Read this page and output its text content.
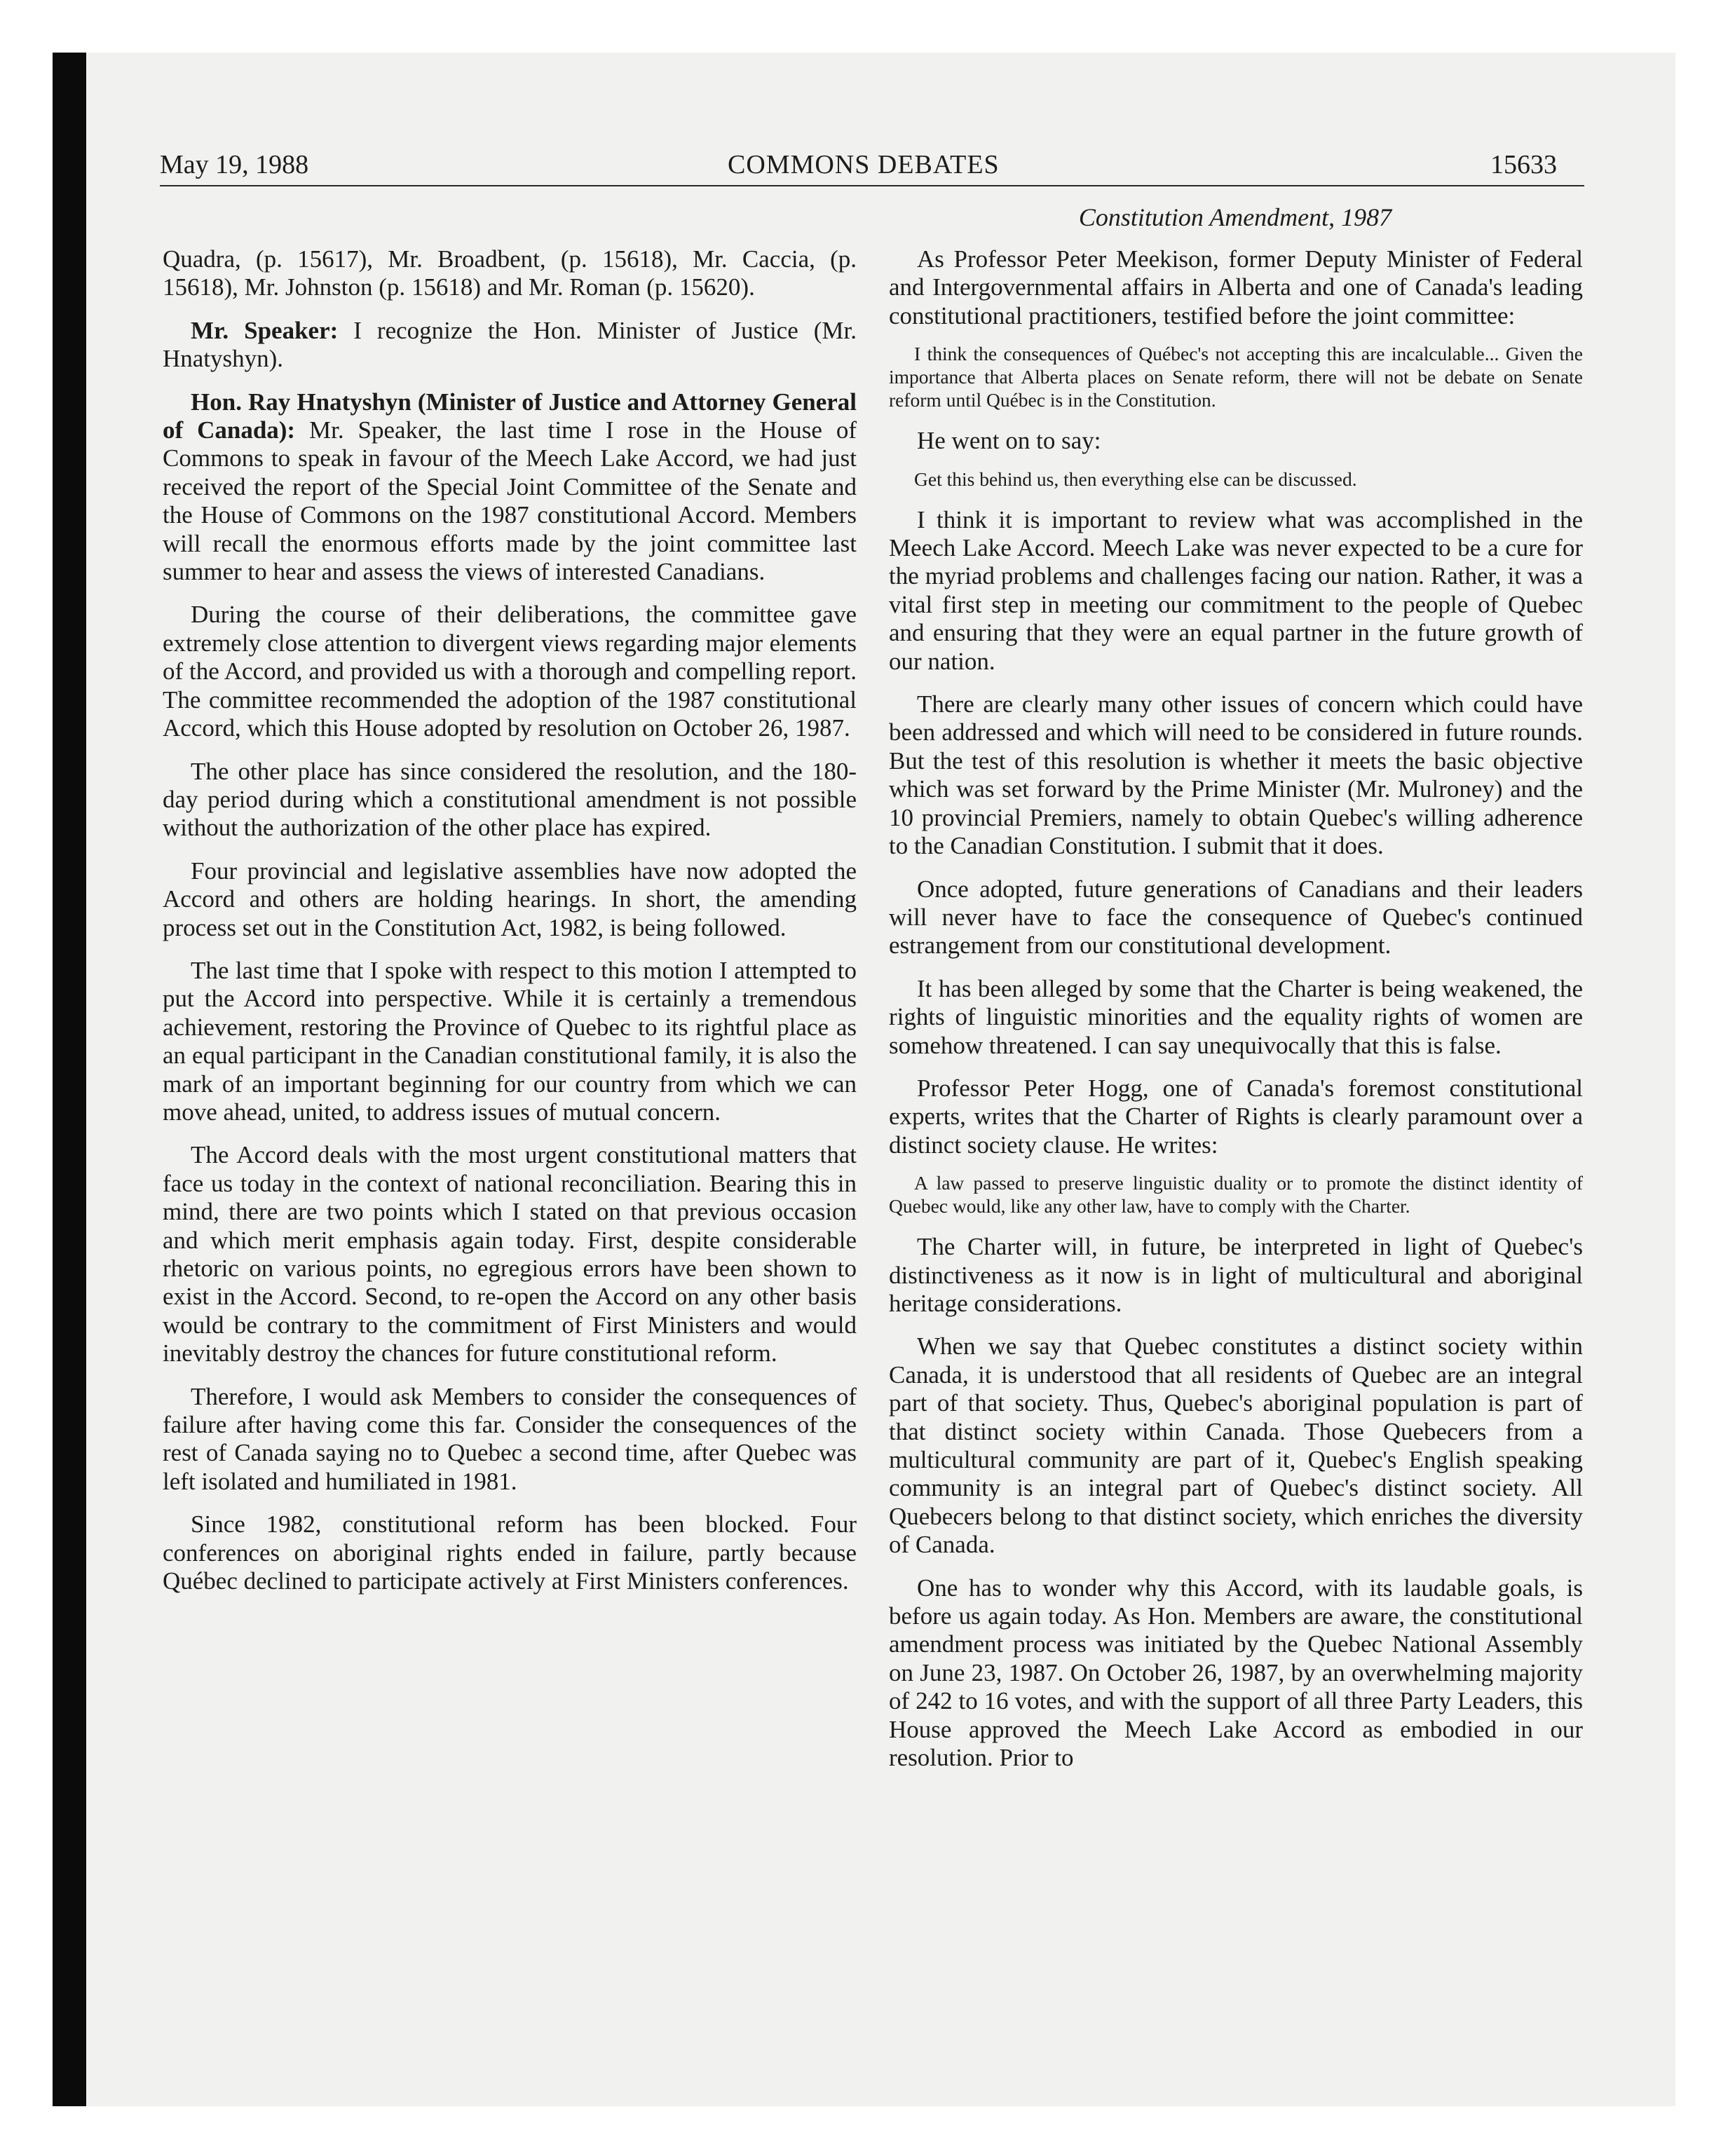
May 19, 1988	COMMONS DEBATES	15633
Constitution Amendment, 1987

Quadra, (p. 15617), Mr. Broadbent, (p. 15618), Mr. Caccia, (p. 15618), Mr. Johnston (p. 15618) and Mr. Roman (p. 15620).

Mr. Speaker: I recognize the Hon. Minister of Justice (Mr. Hnatyshyn).

Hon. Ray Hnatyshyn (Minister of Justice and Attorney General of Canada): Mr. Speaker, the last time I rose in the House of Commons to speak in favour of the Meech Lake Accord, we had just received the report of the Special Joint Committee of the Senate and the House of Commons on the 1987 constitutional Accord. Members will recall the enormous efforts made by the joint committee last summer to hear and assess the views of interested Canadians.

During the course of their deliberations, the committee gave extremely close attention to divergent views regarding major elements of the Accord, and provided us with a thorough and compelling report. The committee recommended the adoption of the 1987 constitutional Accord, which this House adopted by resolution on October 26, 1987.

The other place has since considered the resolution, and the 180-day period during which a constitutional amendment is not possible without the authorization of the other place has expired.

Four provincial and legislative assemblies have now adopted the Accord and others are holding hearings. In short, the amending process set out in the Constitution Act, 1982, is being followed.

The last time that I spoke with respect to this motion I attempted to put the Accord into perspective. While it is certainly a tremendous achievement, restoring the Province of Quebec to its rightful place as an equal participant in the Canadian constitutional family, it is also the mark of an important beginning for our country from which we can move ahead, united, to address issues of mutual concern.

The Accord deals with the most urgent constitutional matters that face us today in the context of national reconciliation. Bearing this in mind, there are two points which I stated on that previous occasion and which merit emphasis again today. First, despite considerable rhetoric on various points, no egregious errors have been shown to exist in the Accord. Second, to re-open the Accord on any other basis would be contrary to the commitment of First Ministers and would inevitably destroy the chances for future constitutional reform.

Therefore, I would ask Members to consider the consequences of failure after having come this far. Consider the consequences of the rest of Canada saying no to Quebec a second time, after Quebec was left isolated and humiliated in 1981.

Since 1982, constitutional reform has been blocked. Four conferences on aboriginal rights ended in failure, partly because Québec declined to participate actively at First Ministers conferences.

As Professor Peter Meekison, former Deputy Minister of Federal and Intergovernmental affairs in Alberta and one of Canada's leading constitutional practitioners, testified before the joint committee:

I think the consequences of Québec's not accepting this are incalculable... Given the importance that Alberta places on Senate reform, there will not be debate on Senate reform until Québec is in the Constitution.

He went on to say:

Get this behind us, then everything else can be discussed.

I think it is important to review what was accomplished in the Meech Lake Accord. Meech Lake was never expected to be a cure for the myriad problems and challenges facing our nation. Rather, it was a vital first step in meeting our commitment to the people of Quebec and ensuring that they were an equal partner in the future growth of our nation.

There are clearly many other issues of concern which could have been addressed and which will need to be considered in future rounds. But the test of this resolution is whether it meets the basic objective which was set forward by the Prime Minister (Mr. Mulroney) and the 10 provincial Premiers, namely to obtain Quebec's willing adherence to the Canadian Constitution. I submit that it does.

Once adopted, future generations of Canadians and their leaders will never have to face the consequence of Quebec's continued estrangement from our constitutional development.

It has been alleged by some that the Charter is being weakened, the rights of linguistic minorities and the equality rights of women are somehow threatened. I can say unequivocally that this is false.

Professor Peter Hogg, one of Canada's foremost constitutional experts, writes that the Charter of Rights is clearly paramount over a distinct society clause. He writes:

A law passed to preserve linguistic duality or to promote the distinct identity of Quebec would, like any other law, have to comply with the Charter.

The Charter will, in future, be interpreted in light of Quebec's distinctiveness as it now is in light of multicultural and aboriginal heritage considerations.

When we say that Quebec constitutes a distinct society within Canada, it is understood that all residents of Quebec are an integral part of that society. Thus, Quebec's aboriginal population is part of that distinct society within Canada. Those Quebecers from a multicultural community are part of it, Quebec's English speaking community is an integral part of Quebec's distinct society. All Quebecers belong to that distinct society, which enriches the diversity of Canada.

One has to wonder why this Accord, with its laudable goals, is before us again today. As Hon. Members are aware, the constitutional amendment process was initiated by the Quebec National Assembly on June 23, 1987. On October 26, 1987, by an overwhelming majority of 242 to 16 votes, and with the support of all three Party Leaders, this House approved the Meech Lake Accord as embodied in our resolution. Prior to
